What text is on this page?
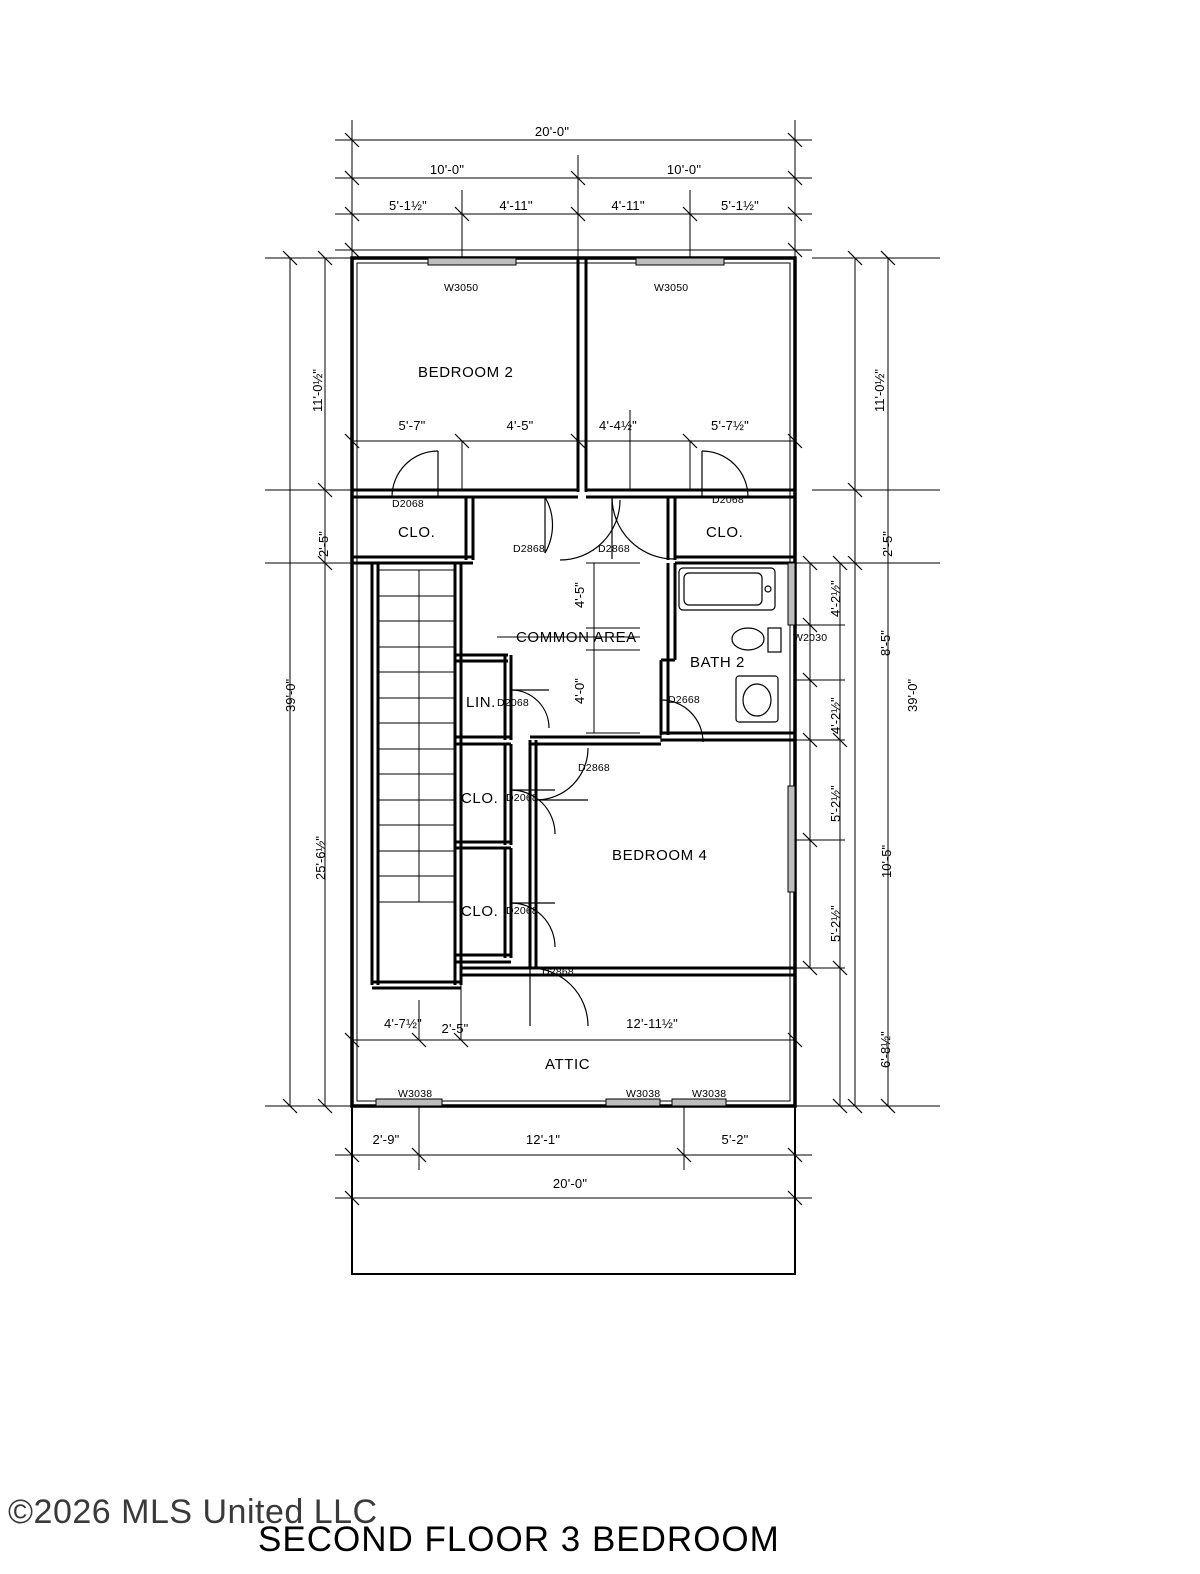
BEDROOM 2
CLO.	CLO.
COMMON AREA
BATH 2
LIN.
CLO.
CLO.
BEDROOM 4
ATTIC
W3050	W3050
D2068	D2068
D2868	D2868
D2068	D2668
D2868
D2068
D2068
D2868
W2030
W3038	W3038	W3038
20'-0"
10'-0"	10'-0"
5'-1½"	4'-11"	4'-11"	5'-1½"
5'-7"	4'-5"	4'-4½"	5'-7½"
4'-7½" 2'-5"	12'-11½"
2'-9"	12'-1"	5'-2"
20'-0"
11'-0½"
2'-5"
39'-0"
25'-6½"
11'-0½"
2'-5"
39'-0"
4'-2½"
8'-5"
4'-2½"
5'-2½"
10'-5"
5'-2½"
6'-8½"
4'-5"
4'-0"
©2026 MLS United LLC
SECOND FLOOR 3 BEDROOM
